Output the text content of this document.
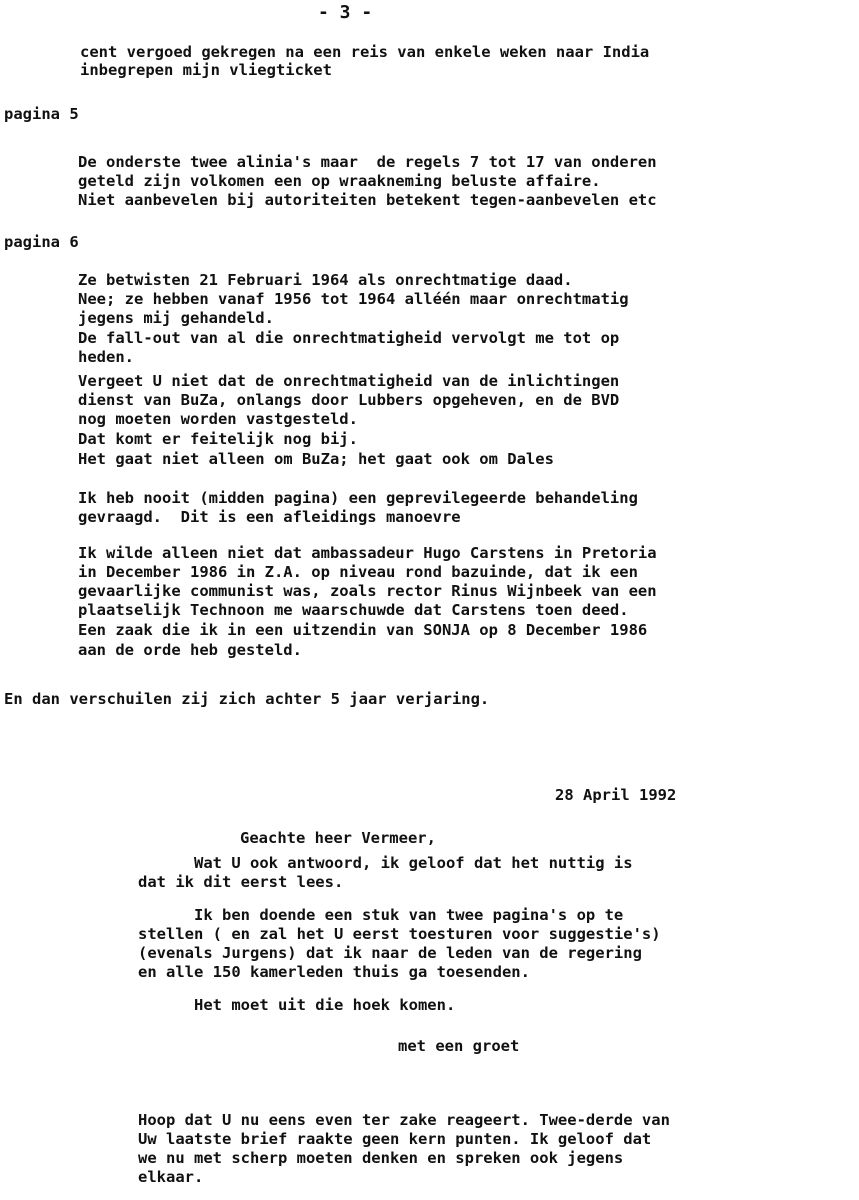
- 3 -
cent vergoed gekregen na een reis van enkele weken naar India
inbegrepen mijn vliegticket
pagina 5
De onderste twee alinia's maar  de regels 7 tot 17 van onderen
geteld zijn volkomen een op wraakneming beluste affaire.
Niet aanbevelen bij autoriteiten betekent tegen-aanbevelen etc
pagina 6
Ze betwisten 21 Februari 1964 als onrechtmatige daad.
Nee; ze hebben vanaf 1956 tot 1964 alléén maar onrechtmatig
jegens mij gehandeld.
De fall-out van al die onrechtmatigheid vervolgt me tot op
heden.
Vergeet U niet dat de onrechtmatigheid van de inlichtingen
dienst van BuZa, onlangs door Lubbers opgeheven, en de BVD
nog moeten worden vastgesteld.
Dat komt er feitelijk nog bij.
Het gaat niet alleen om BuZa; het gaat ook om Dales
Ik heb nooit (midden pagina) een geprevilegeerde behandeling
gevraagd.  Dit is een afleidings manoevre
Ik wilde alleen niet dat ambassadeur Hugo Carstens in Pretoria
in December 1986 in Z.A. op niveau rond bazuinde, dat ik een
gevaarlijke communist was, zoals rector Rinus Wijnbeek van een
plaatselijk Technoon me waarschuwde dat Carstens toen deed.
Een zaak die ik in een uitzendin van SONJA op 8 December 1986
aan de orde heb gesteld.
En dan verschuilen zij zich achter 5 jaar verjaring.
28 April 1992
Geachte heer Vermeer,
Wat U ook antwoord, ik geloof dat het nuttig is
dat ik dit eerst lees.
Ik ben doende een stuk van twee pagina's op te
stellen ( en zal het U eerst toesturen voor suggestie's)
(evenals Jurgens) dat ik naar de leden van de regering
en alle 150 kamerleden thuis ga toesenden.
Het moet uit die hoek komen.
met een groet
Hoop dat U nu eens even ter zake reageert. Twee-derde van
Uw laatste brief raakte geen kern punten. Ik geloof dat
we nu met scherp moeten denken en spreken ook jegens
elkaar.
